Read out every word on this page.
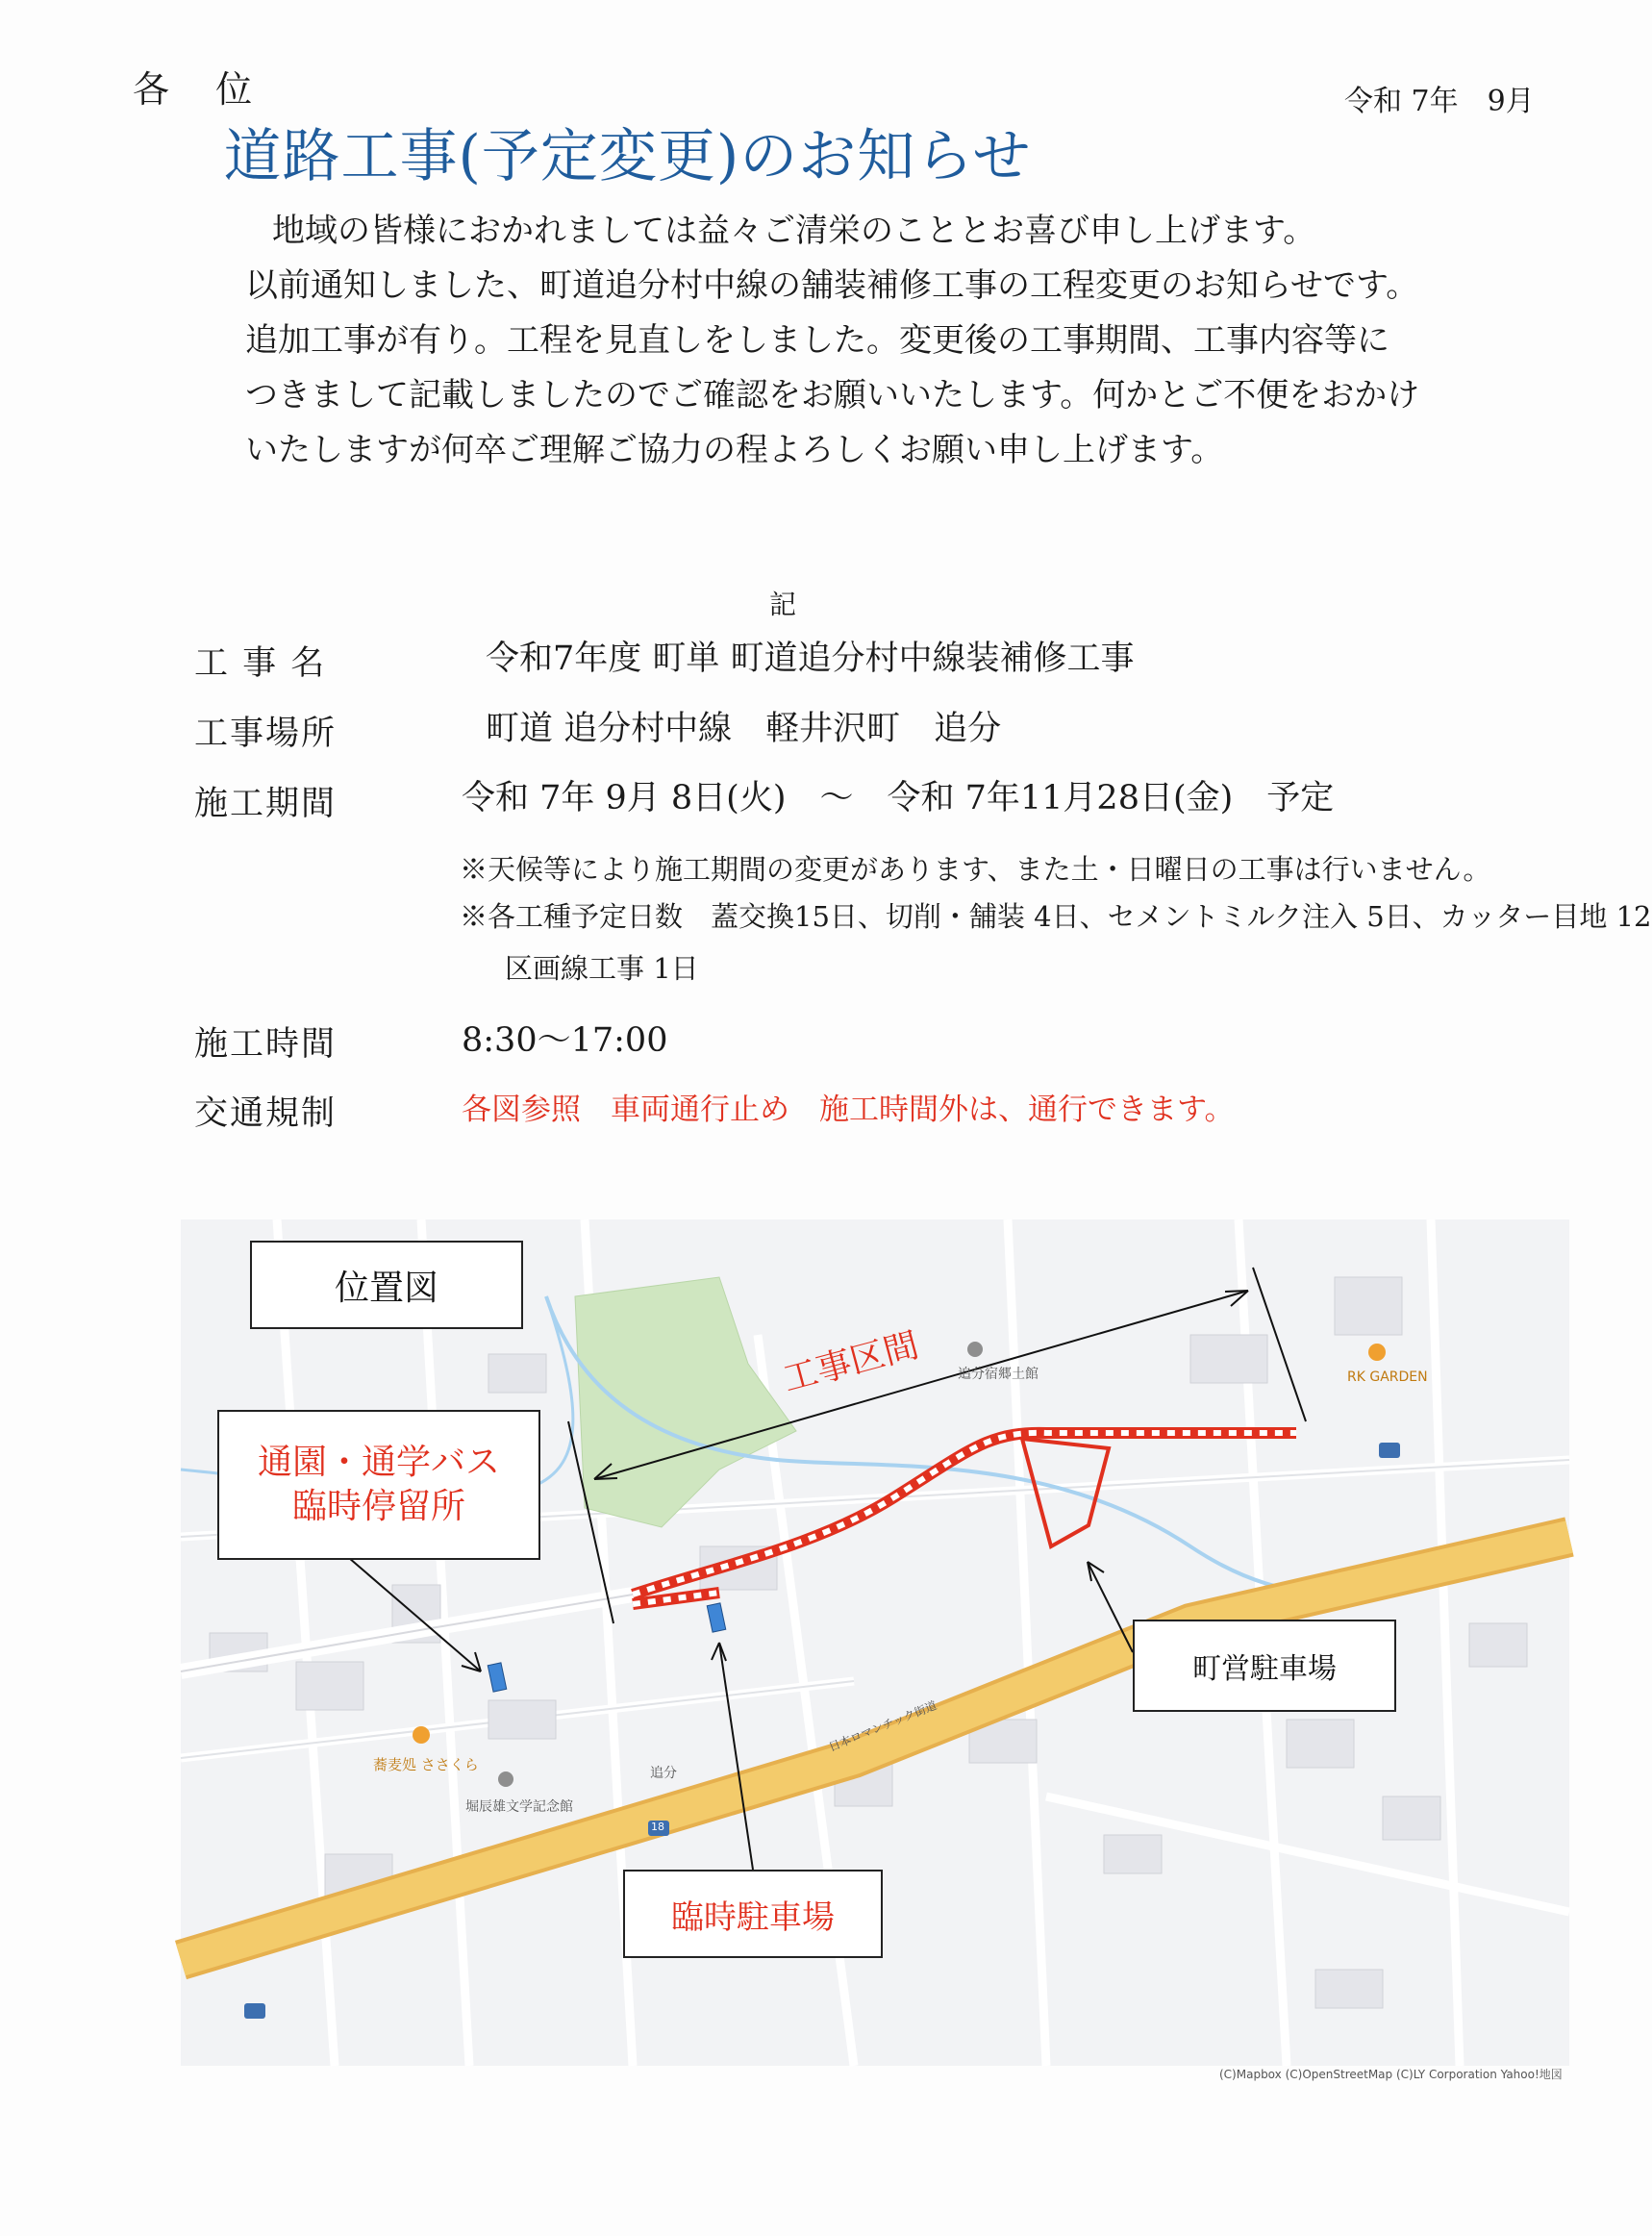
各 位	令和 7年　9月
道路工事(予定変更)のお知らせ
地域の皆様におかれましては益々ご清栄のこととお喜び申し上げます。
以前通知しました、町道追分村中線の舗装補修工事の工程変更のお知らせです。
追加工事が有り。工程を見直しをしました。変更後の工事期間、工事内容等に
つきまして記載しましたのでご確認をお願いいたします。何かとご不便をおかけ
いたしますが何卒ご理解ご協力の程よろしくお願い申し上げます。
記
工 事 名	令和7年度 町単 町道追分村中線装補修工事
工事場所	町道 追分村中線　軽井沢町　追分
施工期間	令和 7年 9月 8日(火)　～　令和 7年11月28日(金)　予定
※天候等により施工期間の変更があります、また土・日曜日の工事は行いません。
※各工種予定日数　蓋交換15日、切削・舗装 4日、セメントミルク注入 5日、カッター目地 12
区画線工事 1日
施工時間	8:30～17:00
交通規制	各図参照　車両通行止め　施工時間外は、通行できます。
追分宿郷土館	RK GARDEN
蕎麦処 ささくら
堀辰雄文学記念館
追分
18
日本ロマンチック街道
(C)Mapbox (C)OpenStreetMap (C)LY Corporation Yahoo!地図
位置図
通園・通学バス
臨時停留所
工事区間
町営駐車場
臨時駐車場
